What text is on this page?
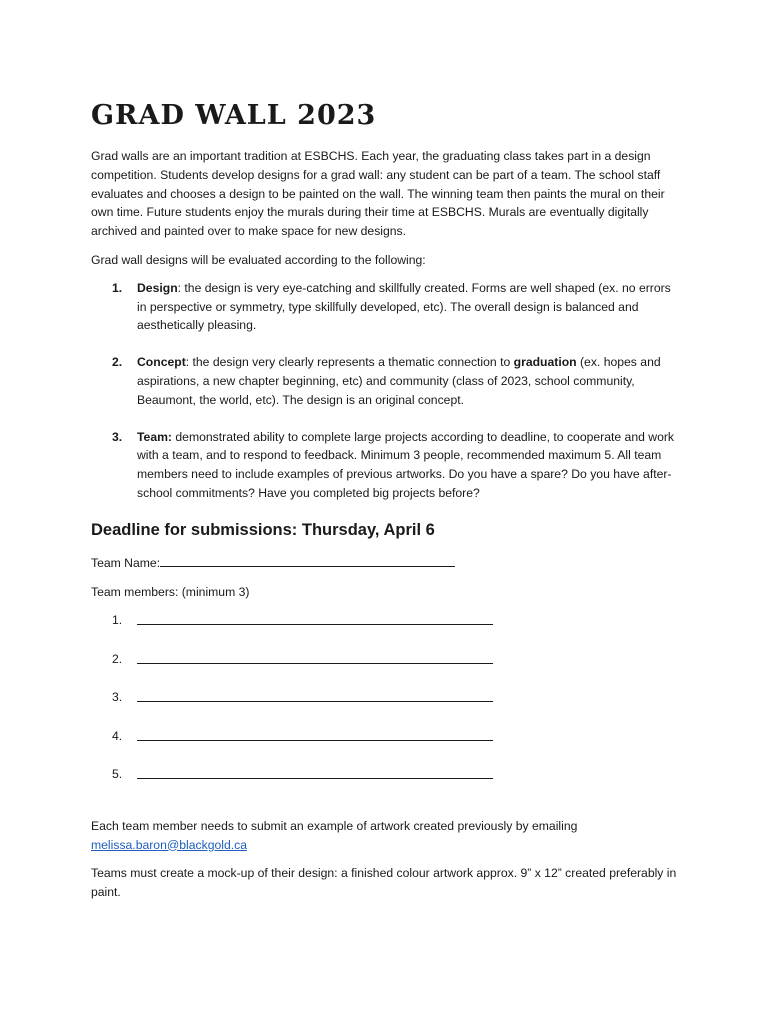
GRAD WALL 2023

Grad walls are an important tradition at ESBCHS. Each year, the graduating class takes part in a design competition. Students develop designs for a grad wall: any student can be part of a team. The school staff evaluates and chooses a design to be painted on the wall. The winning team then paints the mural on their own time. Future students enjoy the murals during their time at ESBCHS. Murals are eventually digitally archived and painted over to make space for new designs.

Grad wall designs will be evaluated according to the following:

1. Design: the design is very eye-catching and skillfully created. Forms are well shaped (ex. no errors in perspective or symmetry, type skillfully developed, etc). The overall design is balanced and aesthetically pleasing.
2. Concept: the design very clearly represents a thematic connection to graduation (ex. hopes and aspirations, a new chapter beginning, etc) and community (class of 2023, school community, Beaumont, the world, etc). The design is an original concept.
3. Team: demonstrated ability to complete large projects according to deadline, to cooperate and work with a team, and to respond to feedback. Minimum 3 people, recommended maximum 5. All team members need to include examples of previous artworks. Do you have a spare? Do you have after-school commitments? Have you completed big projects before?
Deadline for submissions: Thursday, April 6

Team Name:

Team members: (minimum 3)

1.
2.
3.
4.
5.

Each team member needs to submit an example of artwork created previously by emailing
melissa.baron@blackgold.ca

Teams must create a mock-up of their design: a finished colour artwork approx. 9” x 12” created preferably in paint.
